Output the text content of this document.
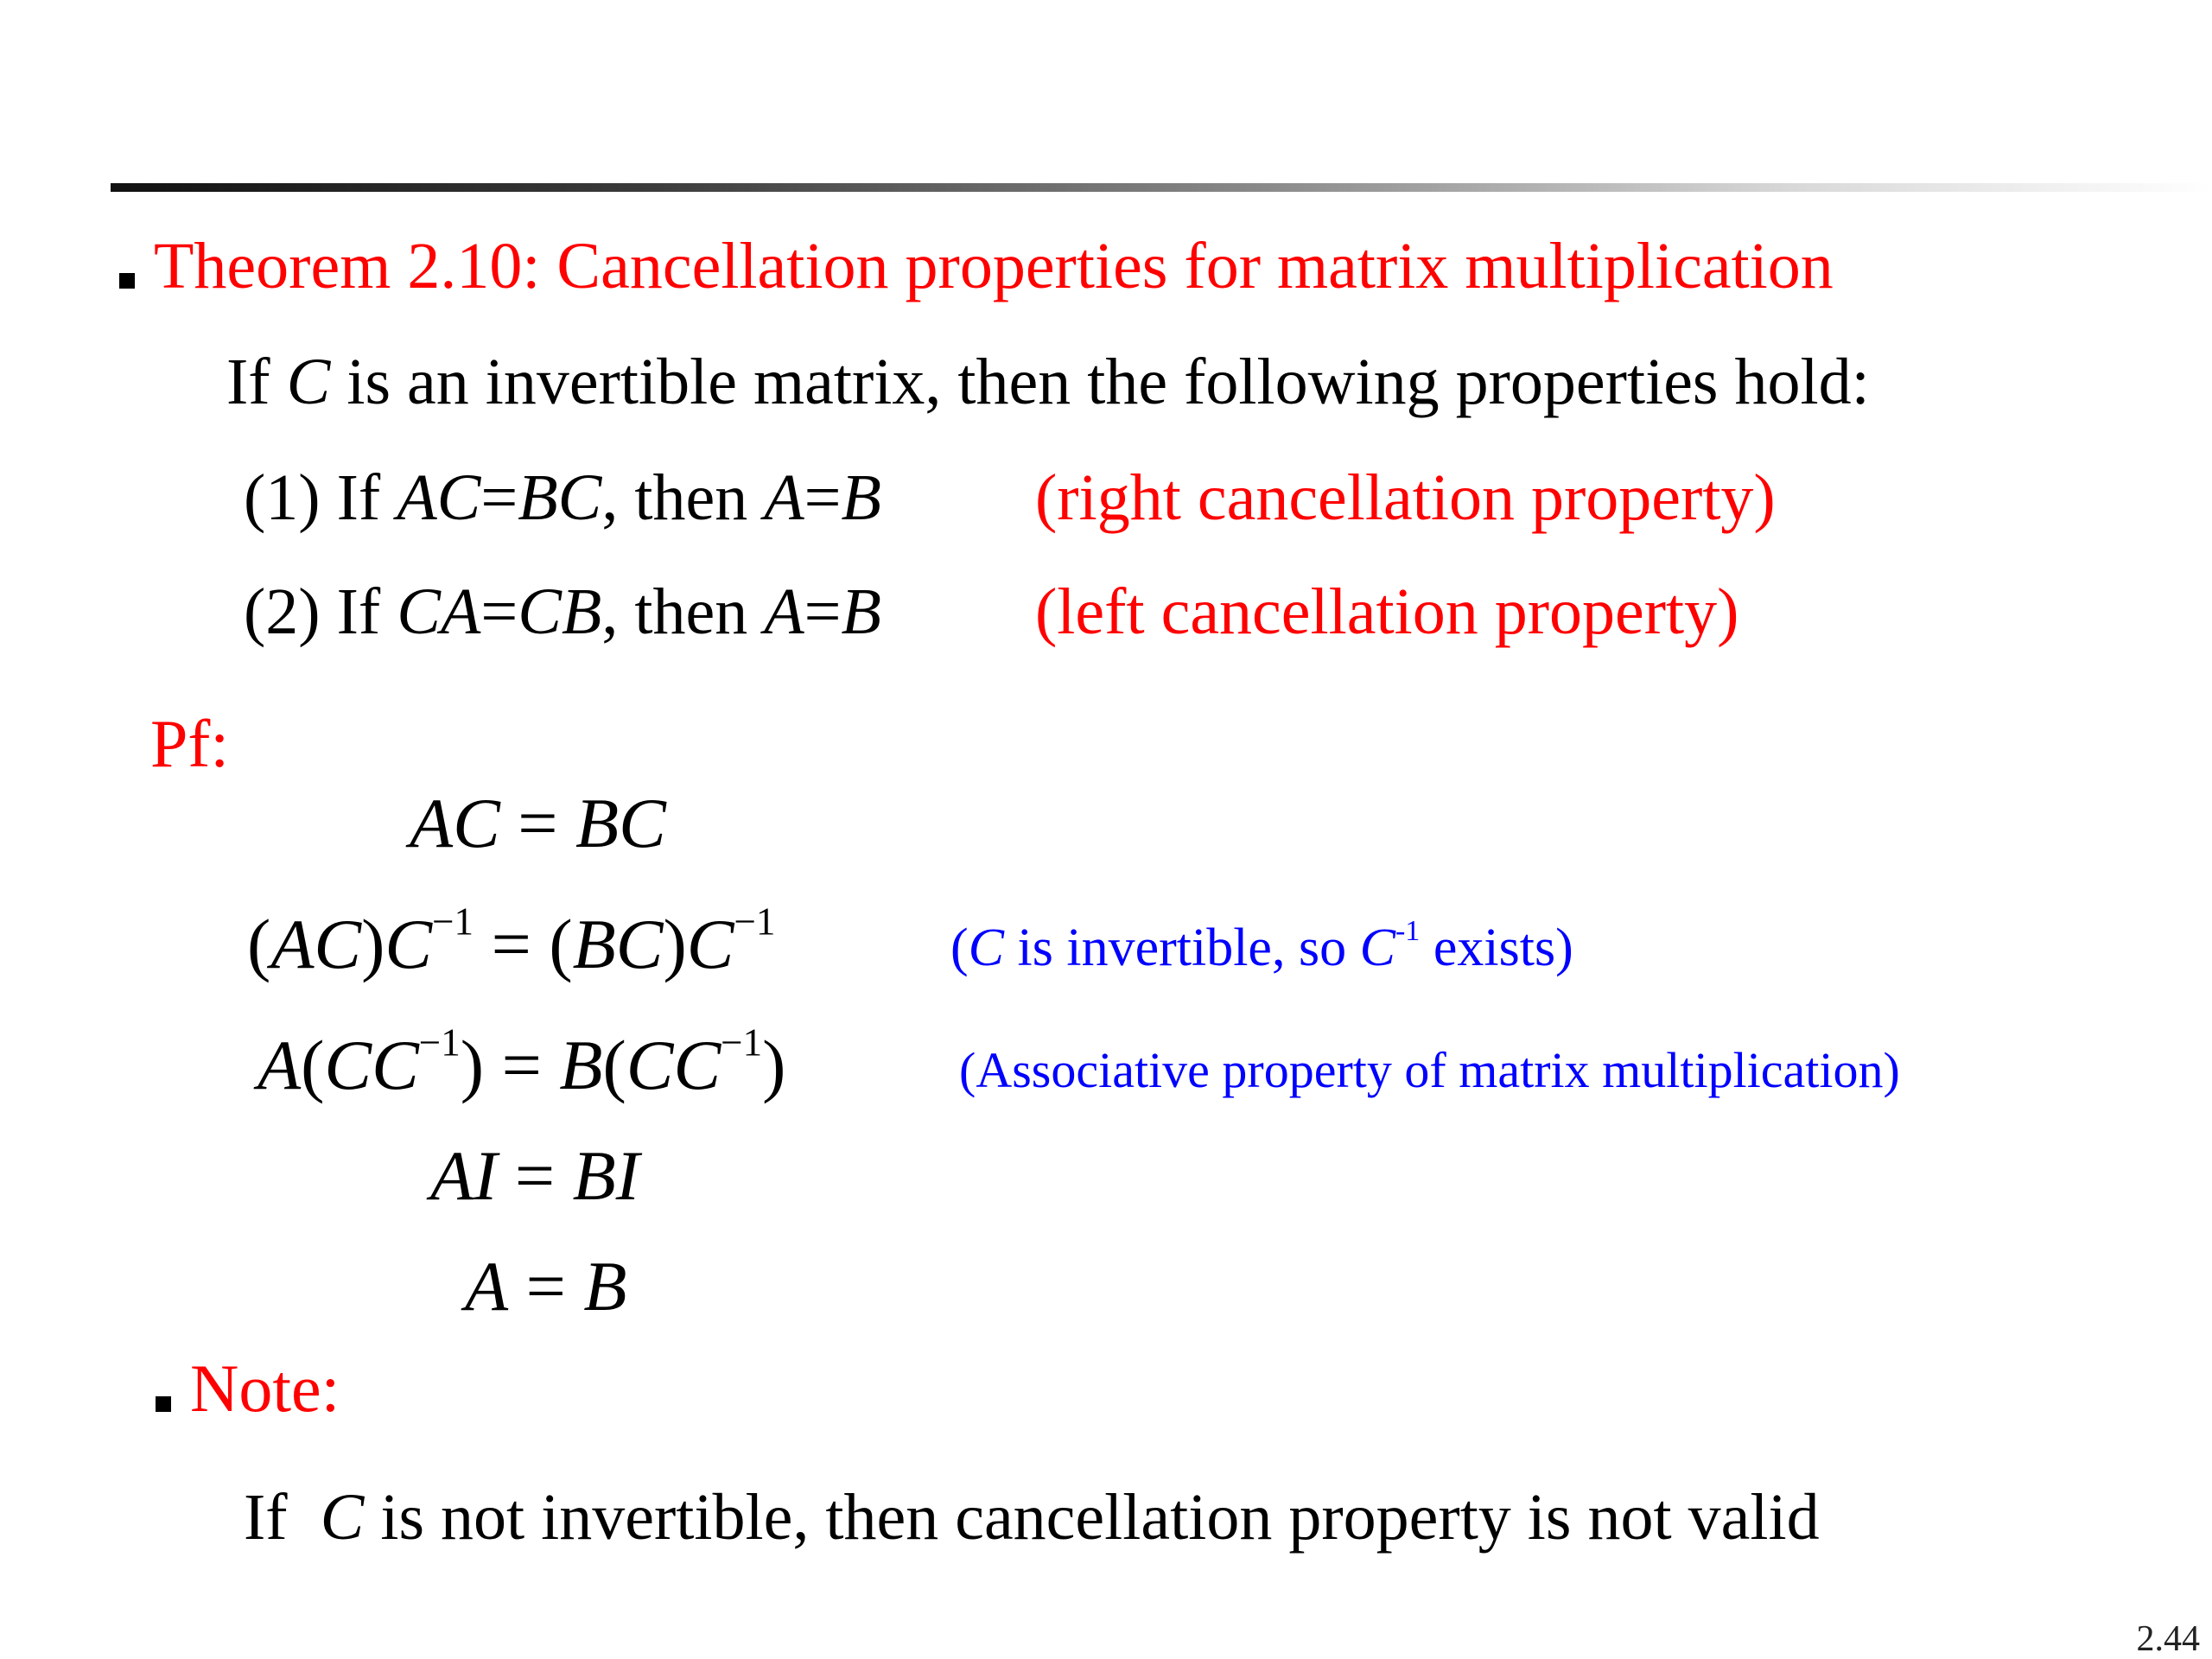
Theorem 2.10: Cancellation properties for matrix multiplication
If C is an invertible matrix, then the following properties hold:
(1) If AC=BC, then A=B (right cancellation property)
(2) If CA=CB, then A=B (left cancellation property)
Pf:
AC = BC
$(AC)C^{-1} = (BC)C^{-1}$	(C is invertible, so $C^{-1}$ exists)
$A(CC^{-1}) = B(CC^{-1})$	(Associative property of matrix multiplication)
AI = BI
A = B
Note:
If  C is not invertible, then cancellation property is not valid
2.44
